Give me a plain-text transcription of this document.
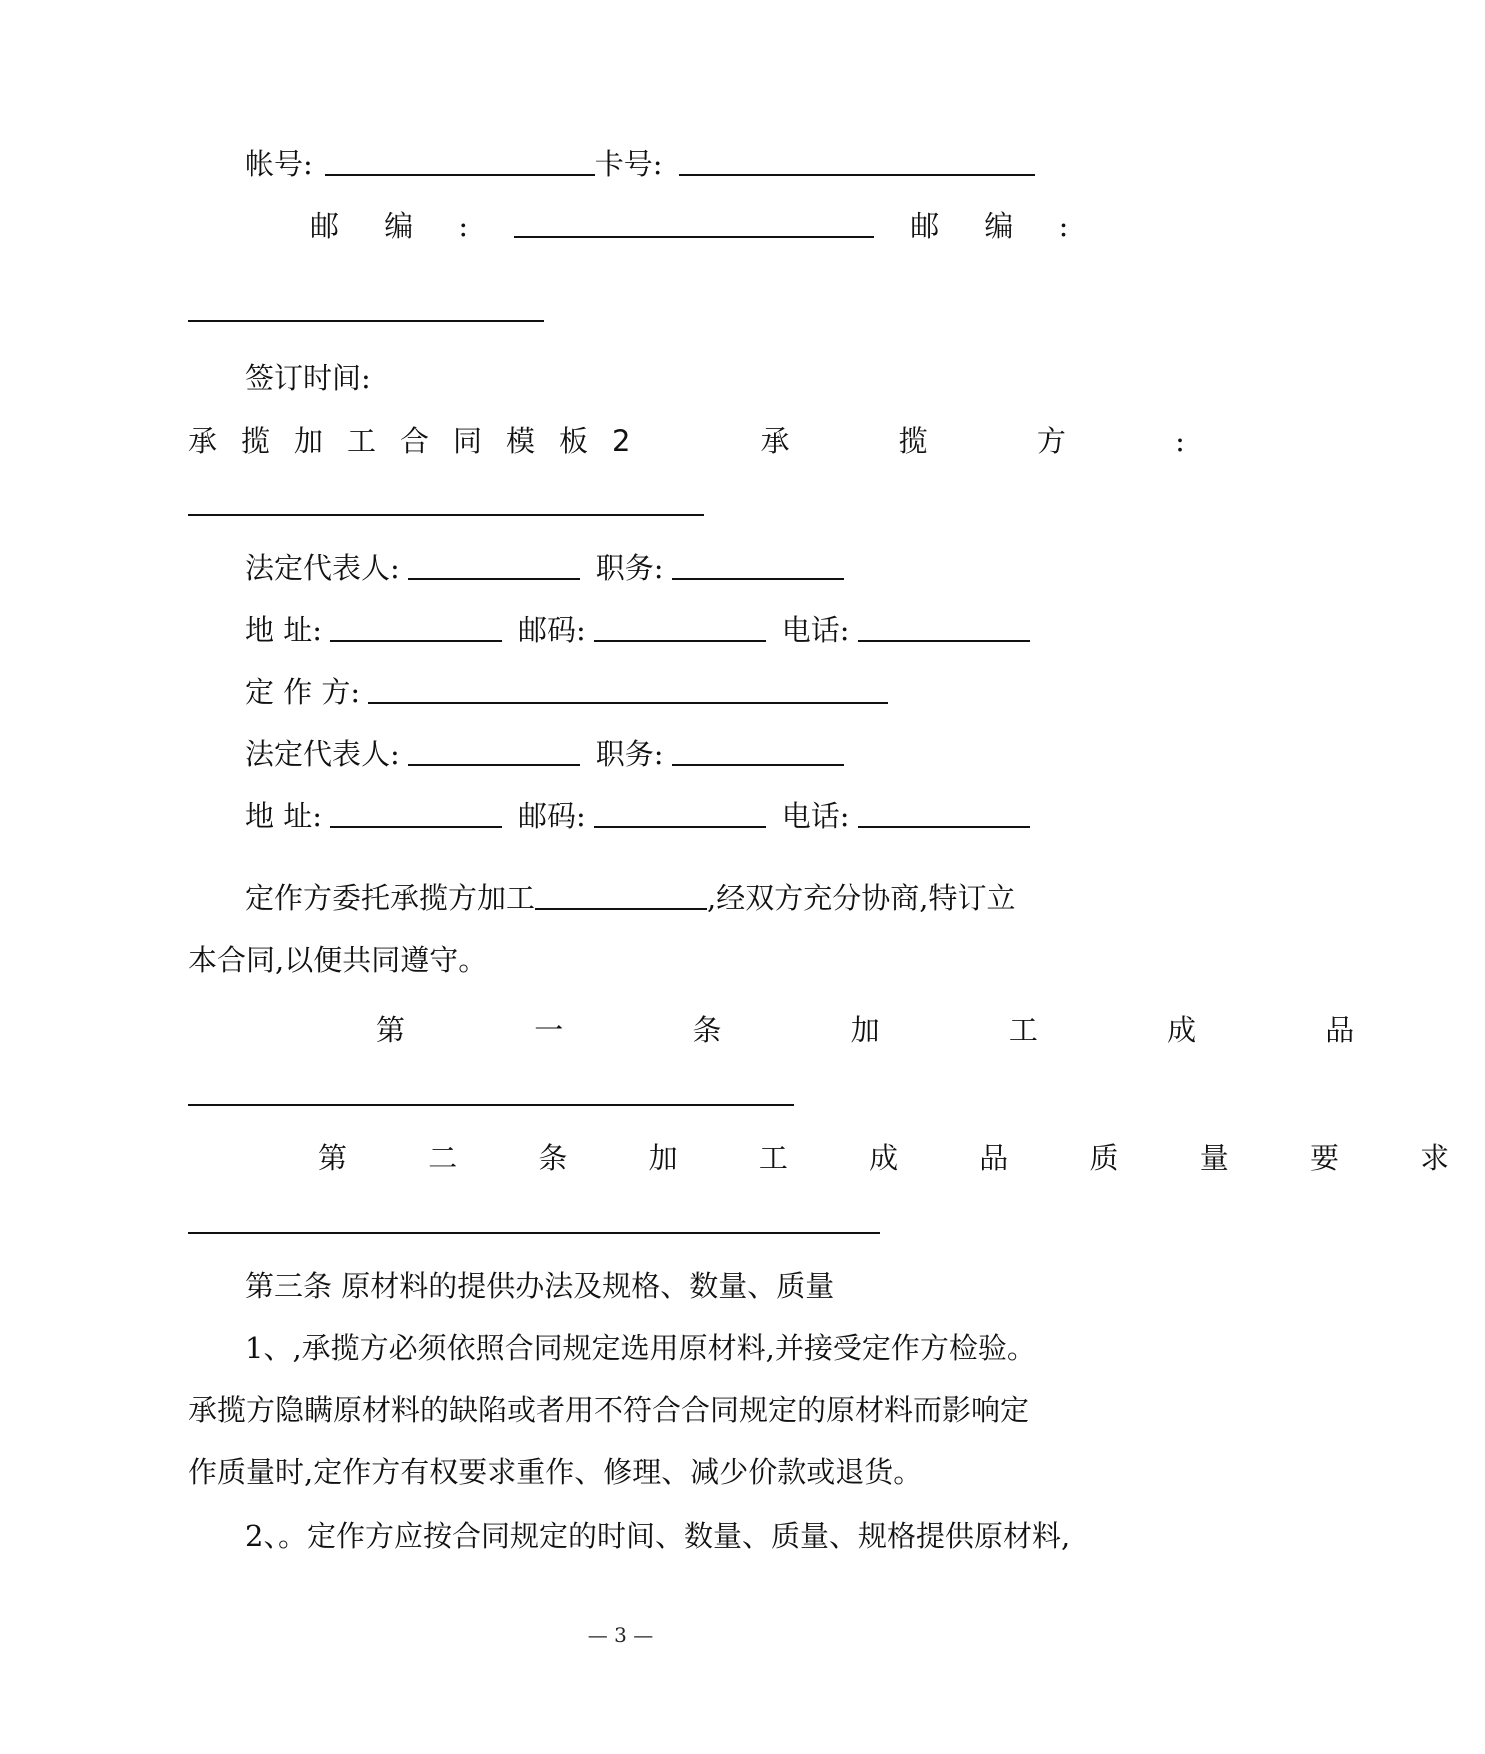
帐号:	卡号:
邮 编 :	邮 编 :
签订时间:
承揽加工合同模板2	承 揽 方 :
法定代表人:	职务:
地 址:	邮码:	电话:
定 作 方:
法定代表人:	职务:
地 址:	邮码:	电话:
定作方委托承揽方加工	,经双方充分协商,特订立
本合同,以便共同遵守。
第 一 条 加 工 成 品
第 二 条 加 工 成 品 质 量 要 求
第三条 原材料的提供办法及规格、数量、质量
1、,承揽方必须依照合同规定选用原材料,并接受定作方检验。
承揽方隐瞒原材料的缺陷或者用不符合合同规定的原材料而影响定
作质量时,定作方有权要求重作、修理、减少价款或退货。
2、。定作方应按合同规定的时间、数量、质量、规格提供原材料,
— 3 —
